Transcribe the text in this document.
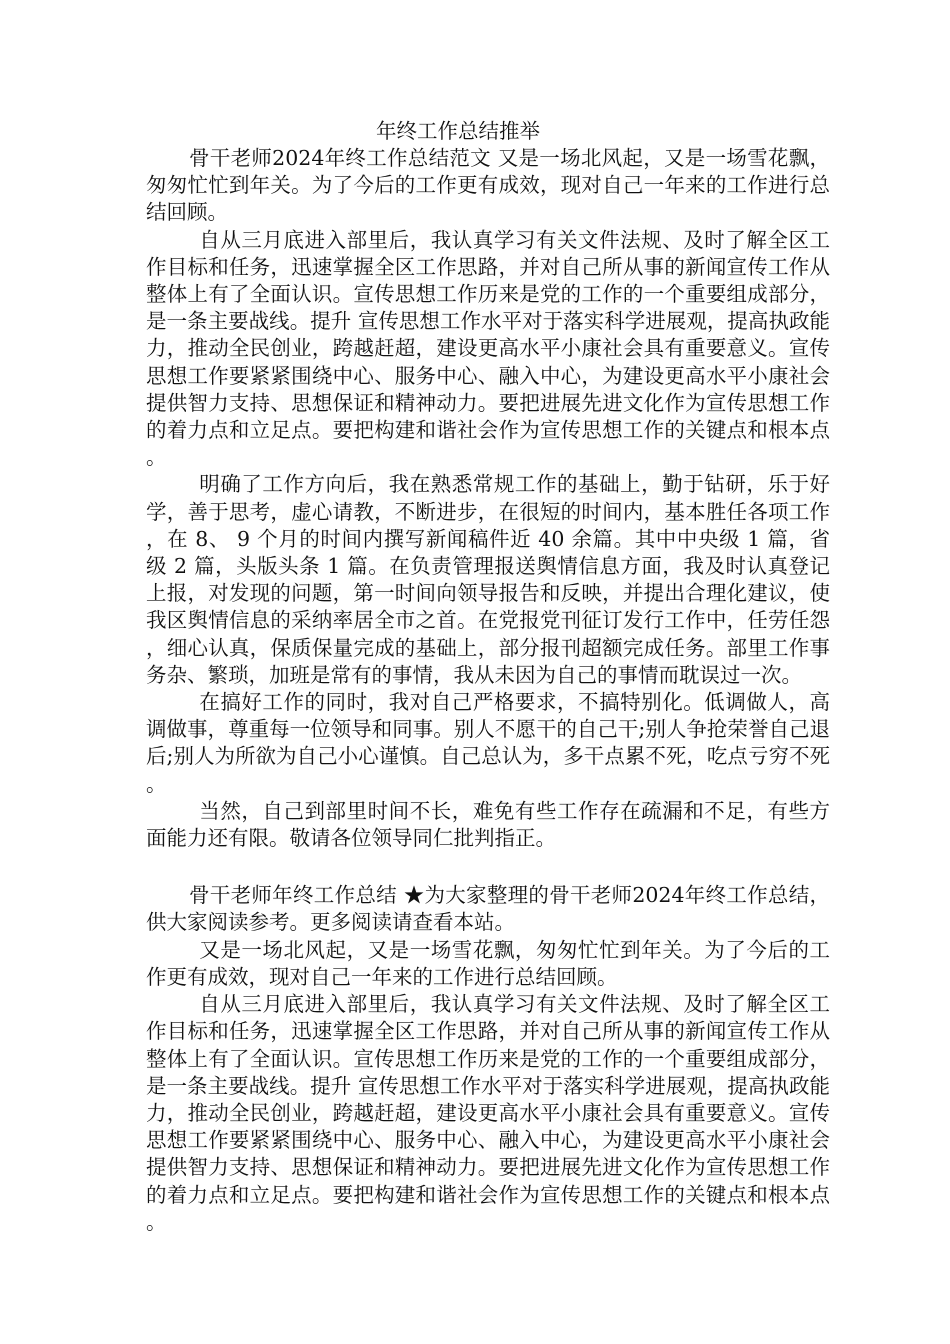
年终工作总结推举

骨干老师2024年终工作总结范文 又是一场北风起，又是一场雪花飘，匆匆忙忙到年关。为了今后的工作更有成效，现对自己一年来的工作进行总结回顾。

自从三月底进入部里后，我认真学习有关文件法规、及时了解全区工作目标和任务，迅速掌握全区工作思路，并对自己所从事的新闻宣传工作从整体上有了全面认识。宣传思想工作历来是党的工作的一个重要组成部分，是一条主要战线。提升 宣传思想工作水平对于落实科学进展观，提高执政能力，推动全民创业，跨越赶超，建设更高水平小康社会具有重要意义。宣传思想工作要紧紧围绕中心、服务中心、融入中心，为建设更高水平小康社会提供智力支持、思想保证和精神动力。要把进展先进文化作为宣传思想工作的着力点和立足点。要把构建和谐社会作为宣传思想工作的关键点和根本点。

明确了工作方向后，我在熟悉常规工作的基础上，勤于钻研，乐于好学，善于思考，虚心请教，不断进步，在很短的时间内，基本胜任各项工作，在 8、 9 个月的时间内撰写新闻稿件近 40 余篇。其中中央级 1 篇，省级 2 篇，头版头条 1 篇。在负责管理报送舆情信息方面，我及时认真登记上报，对发现的问题，第一时间向领导报告和反映，并提出合理化建议，使我区舆情信息的采纳率居全市之首。在党报党刊征订发行工作中，任劳任怨，细心认真，保质保量完成的基础上，部分报刊超额完成任务。部里工作事务杂、繁琐，加班是常有的事情，我从未因为自己的事情而耽误过一次。

在搞好工作的同时，我对自己严格要求，不搞特别化。低调做人，高调做事，尊重每一位领导和同事。别人不愿干的自己干;别人争抢荣誉自己退后;别人为所欲为自己小心谨慎。自己总认为，多干点累不死，吃点亏穷不死。

当然，自己到部里时间不长，难免有些工作存在疏漏和不足，有些方面能力还有限。敬请各位领导同仁批判指正。

骨干老师年终工作总结 ★为大家整理的骨干老师2024年终工作总结，供大家阅读参考。更多阅读请查看本站。

又是一场北风起，又是一场雪花飘，匆匆忙忙到年关。为了今后的工作更有成效，现对自己一年来的工作进行总结回顾。

自从三月底进入部里后，我认真学习有关文件法规、及时了解全区工作目标和任务，迅速掌握全区工作思路，并对自己所从事的新闻宣传工作从整体上有了全面认识。宣传思想工作历来是党的工作的一个重要组成部分，是一条主要战线。提升 宣传思想工作水平对于落实科学进展观，提高执政能力，推动全民创业，跨越赶超，建设更高水平小康社会具有重要意义。宣传思想工作要紧紧围绕中心、服务中心、融入中心，为建设更高水平小康社会提供智力支持、思想保证和精神动力。要把进展先进文化作为宣传思想工作的着力点和立足点。要把构建和谐社会作为宣传思想工作的关键点和根本点。
